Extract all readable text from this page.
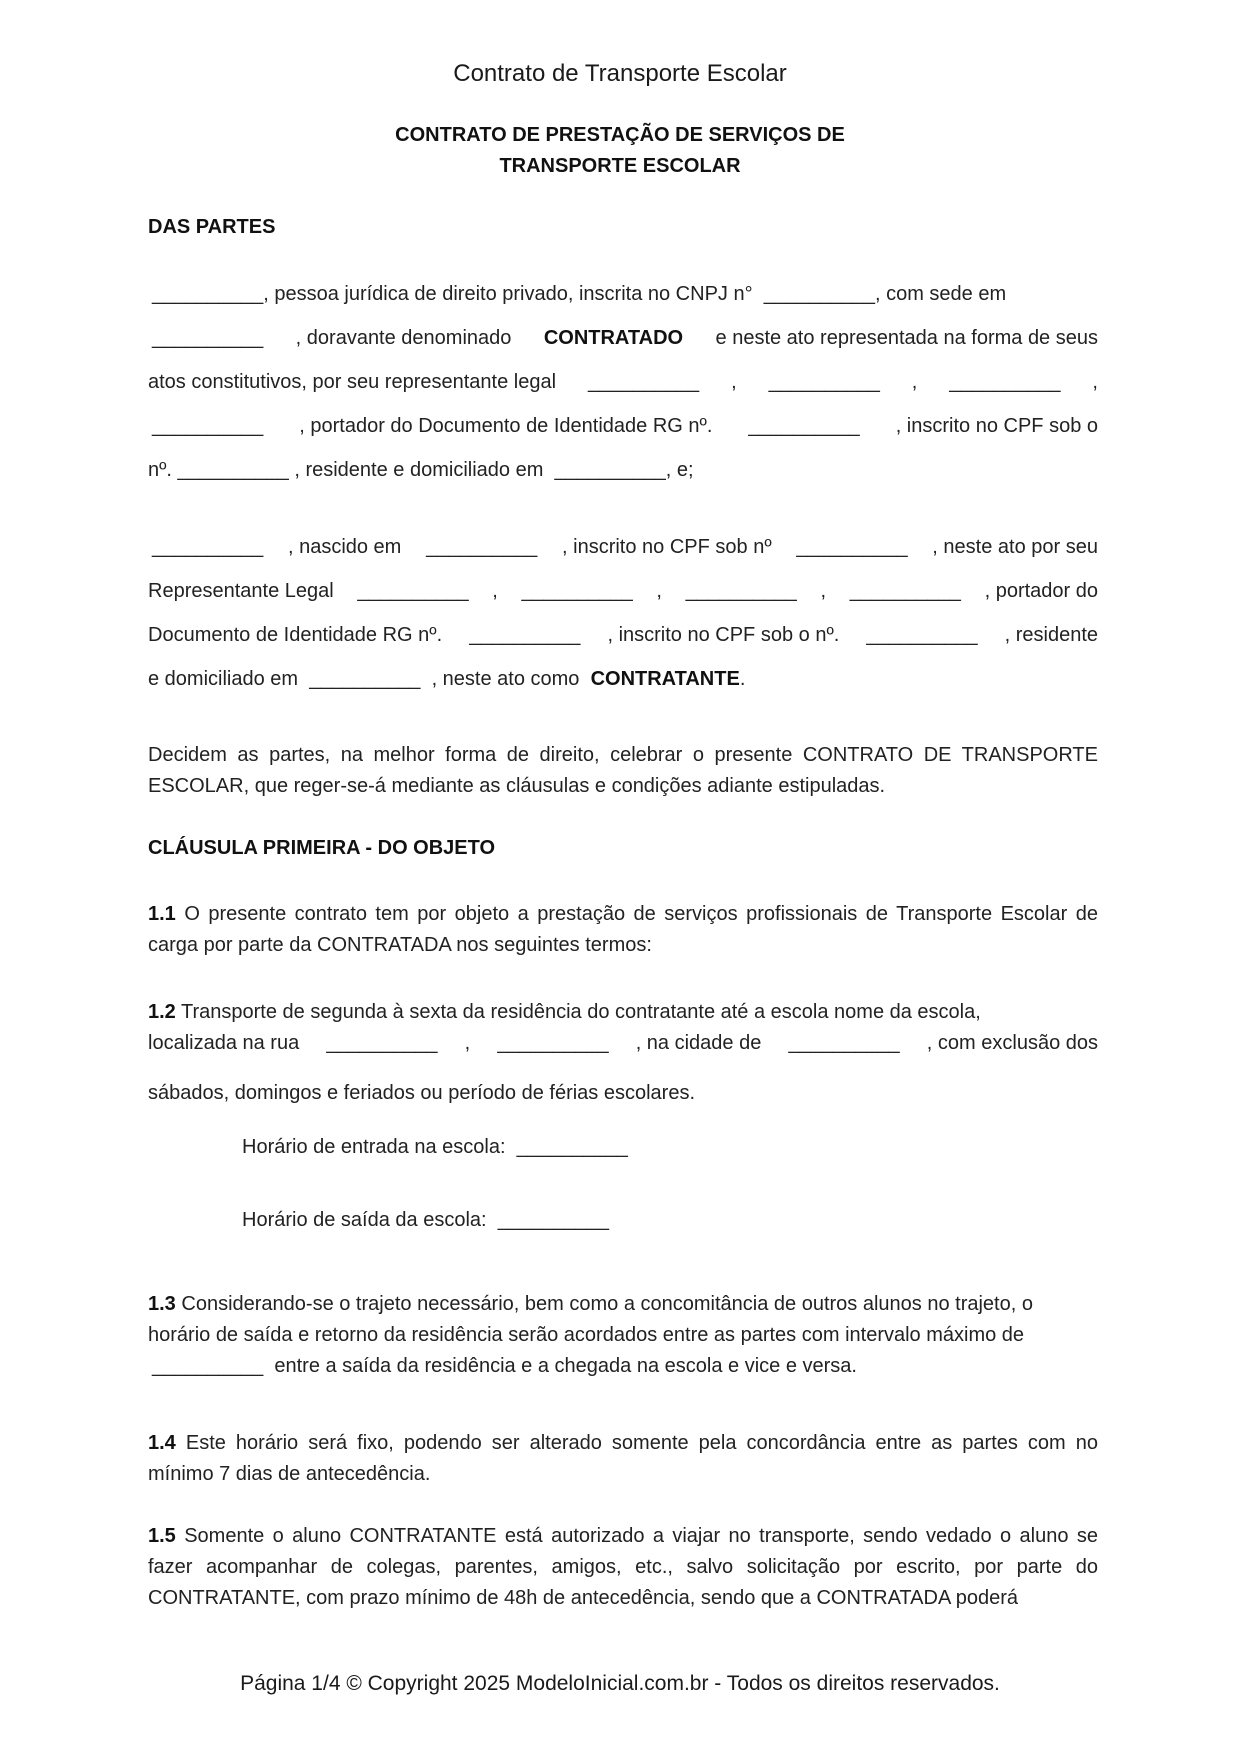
Contrato de Transporte Escolar
CONTRATO DE PRESTAÇÃO DE SERVIÇOS DE
TRANSPORTE ESCOLAR
DAS PARTES
__________, pessoa jurídica de direito privado, inscrita no CNPJ n° __________, com sede em
__________ , doravante denominado CONTRATADO e neste ato representada na forma de seus
atos constitutivos, por seu representante legal __________ , __________ , __________ ,
__________ , portador do Documento de Identidade RG nº. __________ , inscrito no CPF sob o
nº. __________ , residente e domiciliado em __________, e;
__________ , nascido em __________ , inscrito no CPF sob nº __________ , neste ato por seu
Representante Legal __________ , __________ , __________ , __________ , portador do
Documento de Identidade RG nº. __________ , inscrito no CPF sob o nº. __________ , residente
e domiciliado em __________ , neste ato como CONTRATANTE.
Decidem as partes, na melhor forma de direito, celebrar o presente CONTRATO DE TRANSPORTE ESCOLAR, que reger-se-á mediante as cláusulas e condições adiante estipuladas.
CLÁUSULA PRIMEIRA - DO OBJETO
1.1 O presente contrato tem por objeto a prestação de serviços profissionais de Transporte Escolar de carga por parte da CONTRATADA nos seguintes termos:
1.2 Transporte de segunda à sexta da residência do contratante até a escola nome da escola,
localizada na rua __________ , __________ , na cidade de __________ , com exclusão dos
sábados, domingos e feriados ou período de férias escolares.
Horário de entrada na escola: __________
Horário de saída da escola: __________
1.3 Considerando-se o trajeto necessário, bem como a concomitância de outros alunos no trajeto, o
horário de saída e retorno da residência serão acordados entre as partes com intervalo máximo de
__________ entre a saída da residência e a chegada na escola e vice e versa.
1.4 Este horário será fixo, podendo ser alterado somente pela concordância entre as partes com no mínimo 7 dias de antecedência.
1.5 Somente o aluno CONTRATANTE está autorizado a viajar no transporte, sendo vedado o aluno se fazer acompanhar de colegas, parentes, amigos, etc., salvo solicitação por escrito, por parte do CONTRATANTE, com prazo mínimo de 48h de antecedência, sendo que a CONTRATADA poderá
Página 1/4 © Copyright 2025 ModeloInicial.com.br - Todos os direitos reservados.
